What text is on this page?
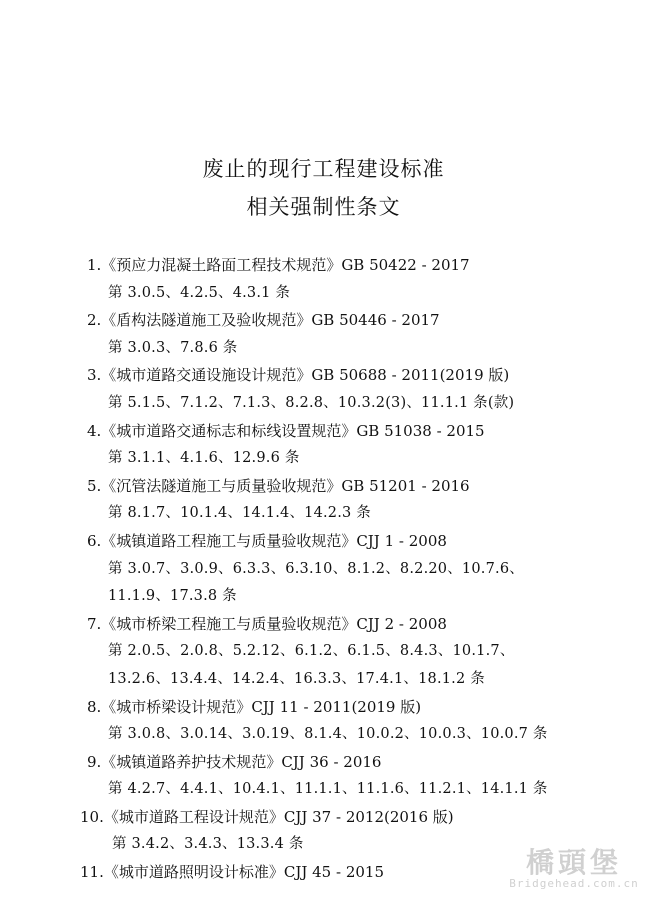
废止的现行工程建设标准
相关强制性条文
1.《预应力混凝土路面工程技术规范》GB 50422 - 2017
第 3.0.5、4.2.5、4.3.1 条
2.《盾构法隧道施工及验收规范》GB 50446 - 2017
第 3.0.3、7.8.6 条
3.《城市道路交通设施设计规范》GB 50688 - 2011(2019 版)
第 5.1.5、7.1.2、7.1.3、8.2.8、10.3.2(3)、11.1.1 条(款)
4.《城市道路交通标志和标线设置规范》GB 51038 - 2015
第 3.1.1、4.1.6、12.9.6 条
5.《沉管法隧道施工与质量验收规范》GB 51201 - 2016
第 8.1.7、10.1.4、14.1.4、14.2.3 条
6.《城镇道路工程施工与质量验收规范》CJJ 1 - 2008
第 3.0.7、3.0.9、6.3.3、6.3.10、8.1.2、8.2.20、10.7.6、
11.1.9、17.3.8 条
7.《城市桥梁工程施工与质量验收规范》CJJ 2 - 2008
第 2.0.5、2.0.8、5.2.12、6.1.2、6.1.5、8.4.3、10.1.7、
13.2.6、13.4.4、14.2.4、16.3.3、17.4.1、18.1.2 条
8.《城市桥梁设计规范》CJJ 11 - 2011(2019 版)
第 3.0.8、3.0.14、3.0.19、8.1.4、10.0.2、10.0.3、10.0.7 条
9.《城镇道路养护技术规范》CJJ 36 - 2016
第 4.2.7、4.4.1、10.4.1、11.1.1、11.1.6、11.2.1、14.1.1 条
10.《城市道路工程设计规范》CJJ 37 - 2012(2016 版)
第 3.4.2、3.4.3、13.3.4 条
11.《城市道路照明设计标准》CJJ 45 - 2015	橋頭堡
Bridgehead.com.cn
